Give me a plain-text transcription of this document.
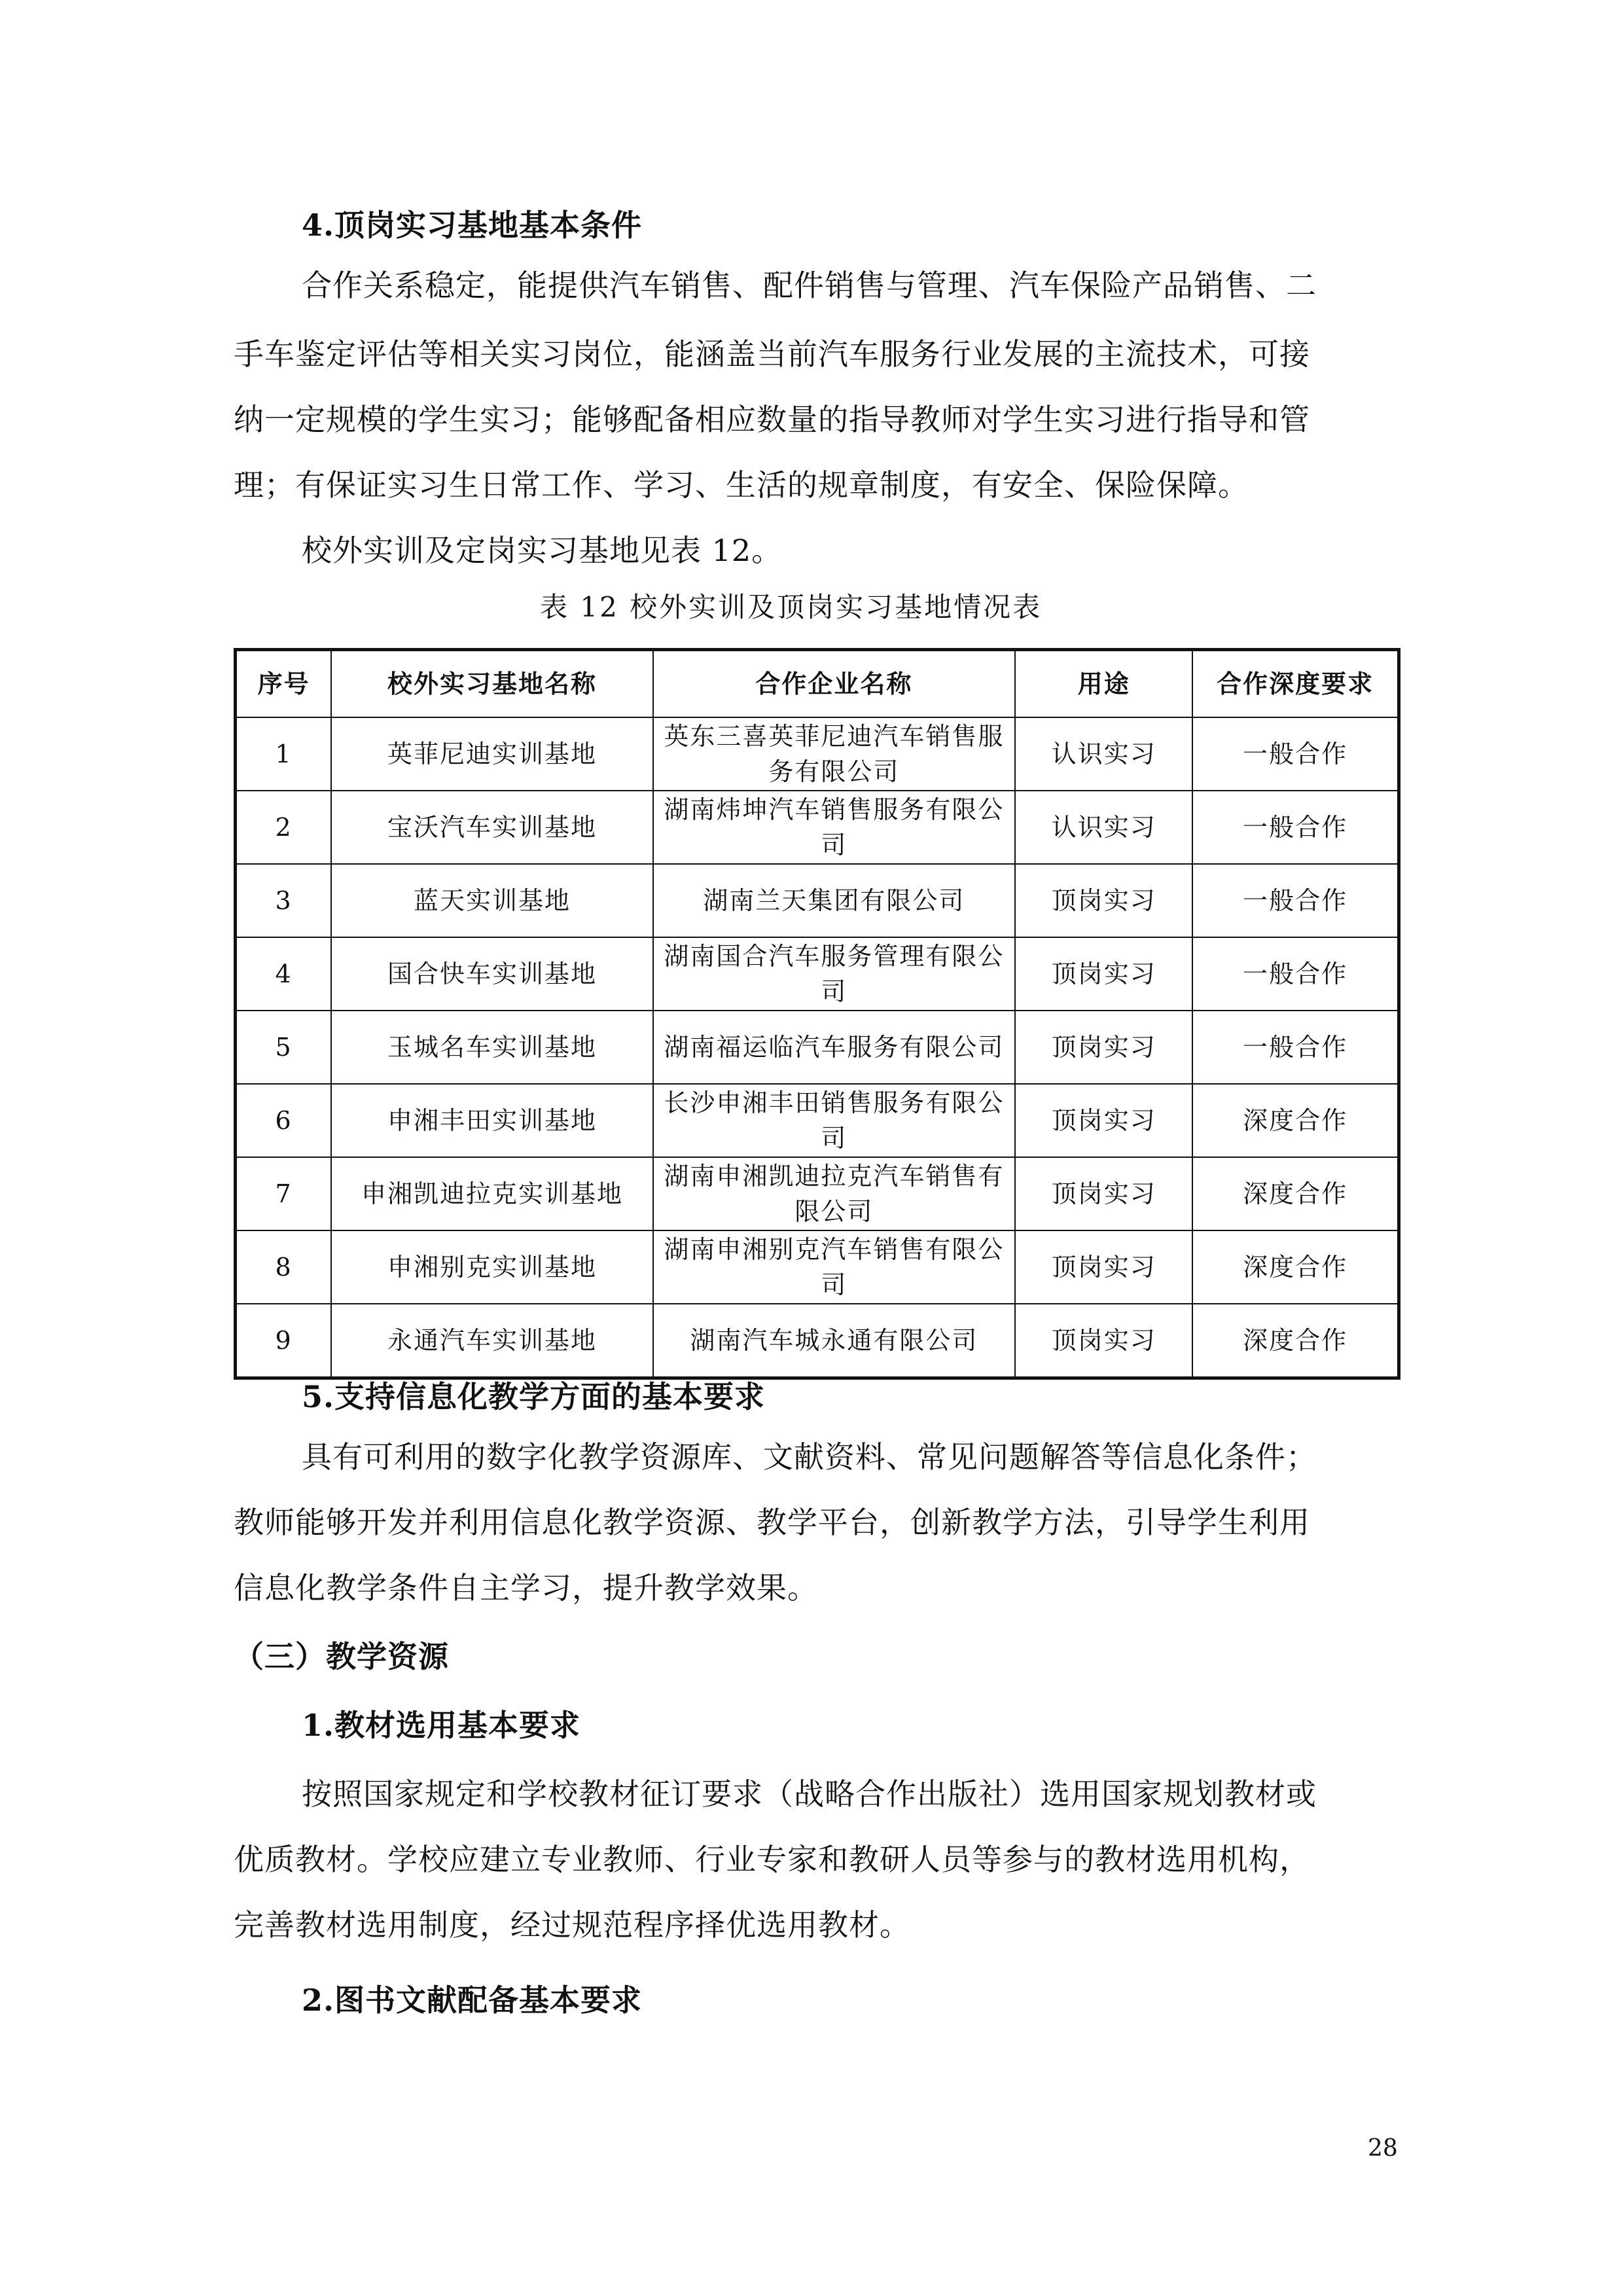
4.顶岗实习基地基本条件
合作关系稳定，能提供汽车销售、配件销售与管理、汽车保险产品销售、二
手车鉴定评估等相关实习岗位，能涵盖当前汽车服务行业发展的主流技术，可接
纳一定规模的学生实习；能够配备相应数量的指导教师对学生实习进行指导和管
理；有保证实习生日常工作、学习、生活的规章制度，有安全、保险保障。
校外实训及定岗实习基地见表 12。
表 12 校外实训及顶岗实习基地情况表
序号	校外实习基地名称	合作企业名称	用途	合作深度要求
1	英菲尼迪实训基地	英东三喜英菲尼迪汽车销售服务有限公司	认识实习	一般合作
2	宝沃汽车实训基地	湖南炜坤汽车销售服务有限公司	认识实习	一般合作
3	蓝天实训基地	湖南兰天集团有限公司	顶岗实习	一般合作
4	国合快车实训基地	湖南国合汽车服务管理有限公司	顶岗实习	一般合作
5	玉城名车实训基地	湖南福运临汽车服务有限公司	顶岗实习	一般合作
6	申湘丰田实训基地	长沙申湘丰田销售服务有限公司	顶岗实习	深度合作
7	申湘凯迪拉克实训基地	湖南申湘凯迪拉克汽车销售有限公司	顶岗实习	深度合作
8	申湘别克实训基地	湖南申湘别克汽车销售有限公司	顶岗实习	深度合作
9	永通汽车实训基地	湖南汽车城永通有限公司	顶岗实习	深度合作
5.支持信息化教学方面的基本要求
具有可利用的数字化教学资源库、文献资料、常见问题解答等信息化条件；
教师能够开发并利用信息化教学资源、教学平台，创新教学方法，引导学生利用
信息化教学条件自主学习，提升教学效果。
（三）教学资源
1.教材选用基本要求
按照国家规定和学校教材征订要求（战略合作出版社）选用国家规划教材或
优质教材。学校应建立专业教师、行业专家和教研人员等参与的教材选用机构，
完善教材选用制度，经过规范程序择优选用教材。
2.图书文献配备基本要求
28
